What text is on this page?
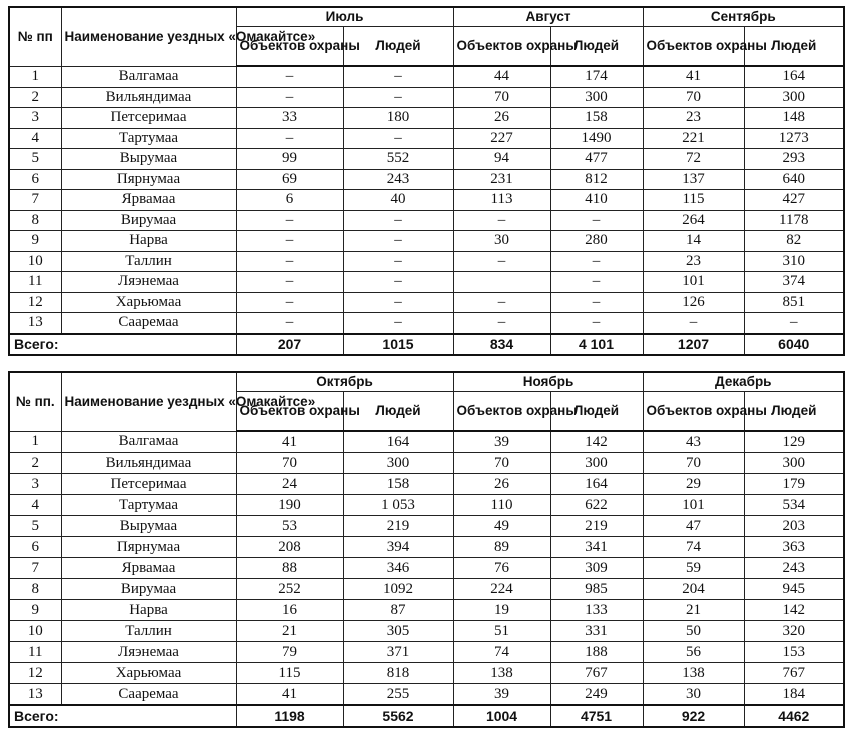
№ пп	Наименование уездных «Омакайтсе»	Июль		Август		Сентябрь	
		Объектов охраны	Людей	Объектов охраны	Людей	Объектов охраны	Людей
1	Валгамаа	–	–	44	174	41	164
2	Вильяндимаа	–	–	70	300	70	300
3	Петсеримаа	33	180	26	158	23	148
4	Тартумаа	–	–	227	1490	221	1273
5	Вырумаа	99	552	94	477	72	293
6	Пярнумаа	69	243	231	812	137	640
7	Ярвамаа	6	40	113	410	115	427
8	Вирумаа	–	–	–	–	264	1178
9	Нарва	–	–	30	280	14	82
10	Таллин	–	–	–	–	23	310
11	Ляэнемаа	–	–		–	101	374
12	Харьюмаа	–	–	–	–	126	851
13	Сааремаа	–	–	–	–	–	–
Всего:		207	1015	834	4 101	1207	6040
№ пп.	Наименование уездных «Омакайтсе»	Октябрь		Ноябрь		Декабрь	
		Объектов охраны	Людей	Объектов охраны	Людей	Объектов охраны	Людей
1	Валгамаа	41	164	39	142	43	129
2	Вильяндимаа	70	300	70	300	70	300
3	Петсеримаа	24	158	26	164	29	179
4	Тартумаа	190	1 053	110	622	101	534
5	Вырумаа	53	219	49	219	47	203
6	Пярнумаа	208	394	89	341	74	363
7	Ярвамаа	88	346	76	309	59	243
8	Вирумаа	252	1092	224	985	204	945
9	Нарва	16	87	19	133	21	142
10	Таллин	21	305	51	331	50	320
11	Ляэнемаа	79	371	74	188	56	153
12	Харьюмаа	115	818	138	767	138	767
13	Сааремаа	41	255	39	249	30	184
Всего:		1198	5562	1004	4751	922	4462
